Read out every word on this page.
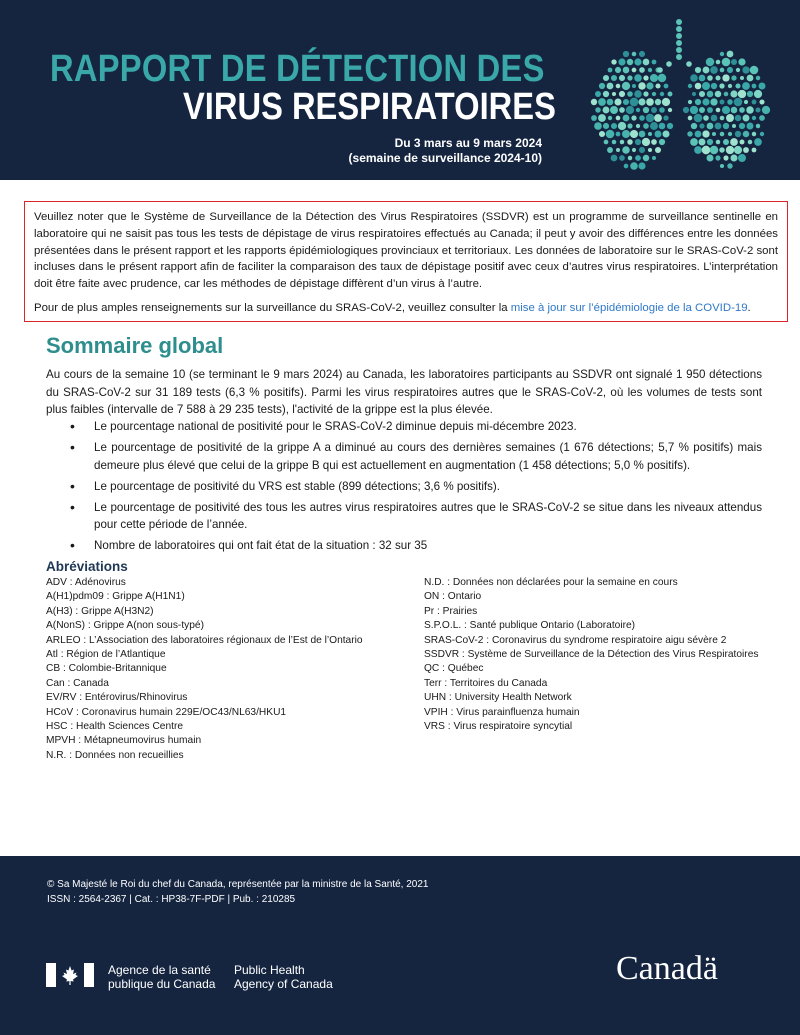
RAPPORT DE DÉTECTION DES
VIRUS RESPIRATOIRES
Du 3 mars au 9 mars 2024
(semaine de surveillance 2024-10)

Veuillez noter que le Système de Surveillance de la Détection des Virus Respiratoires (SSDVR) est un programme de surveillance sentinelle en laboratoire qui ne saisit pas tous les tests de dépistage de virus respiratoires effectués au Canada; il peut y avoir des différences entre les données présentées dans le présent rapport et les rapports épidémiologiques provinciaux et territoriaux. Les données de laboratoire sur le SRAS-CoV-2 sont incluses dans le présent rapport afin de faciliter la comparaison des taux de dépistage positif avec ceux d’autres virus respiratoires. L’interprétation doit être faite avec prudence, car les méthodes de dépistage diffèrent d’un virus à l’autre.

Pour de plus amples renseignements sur la surveillance du SRAS-CoV-2, veuillez consulter la mise à jour sur l’épidémiologie de la COVID-19.

Sommaire global

Au cours de la semaine 10 (se terminant le 9 mars 2024) au Canada, les laboratoires participants au SSDVR ont signalé 1 950 détections du SRAS-CoV-2 sur 31 189 tests (6,3 % positifs). Parmi les virus respiratoires autres que le SRAS-CoV-2, où les volumes de tests sont plus faibles (intervalle de 7 588 à 29 235 tests), l'activité de la grippe est la plus élevée.

• Le pourcentage national de positivité pour le SRAS-CoV-2 diminue depuis mi-décembre 2023.
• Le pourcentage de positivité de la grippe A a diminué au cours des dernières semaines (1 676 détections; 5,7 % positifs) mais demeure plus élevé que celui de la grippe B qui est actuellement en augmentation (1 458 détections; 5,0 % positifs).
• Le pourcentage de positivité du VRS est stable (899 détections; 3,6 % positifs).
• Le pourcentage de positivité des tous les autres virus respiratoires autres que le SRAS-CoV-2 se situe dans les niveaux attendus pour cette période de l’année.
• Nombre de laboratoires qui ont fait état de la situation : 32 sur 35
Abréviations
ADV : Adénovirus
A(H1)pdm09 : Grippe A(H1N1)
A(H3) : Grippe A(H3N2)
A(NonS) : Grippe A(non sous-typé)
ARLEO : L’Association des laboratoires régionaux de l’Est de l’Ontario
Atl : Région de l’Atlantique
CB : Colombie-Britannique
Can : Canada
EV/RV : Entérovirus/Rhinovirus
HCoV : Coronavirus humain 229E/OC43/NL63/HKU1
HSC : Health Sciences Centre
MPVH : Métapneumovirus humain
N.R. : Données non recueillies
N.D. : Données non déclarées pour la semaine en cours
ON : Ontario
Pr : Prairies
S.P.O.L. : Santé publique Ontario (Laboratoire)
SRAS-CoV-2 : Coronavirus du syndrome respiratoire aigu sévère 2
SSDVR : Système de Surveillance de la Détection des Virus Respiratoires
QC : Québec
Terr : Territoires du Canada
UHN : University Health Network
VPIH : Virus parainfluenza humain
VRS : Virus respiratoire syncytial
© Sa Majesté le Roi du chef du Canada, représentée par la ministre de la Santé, 2021
ISSN : 2564-2367 | Cat. : HP38-7F-PDF | Pub. : 210285
Agence de la santé
publique du Canada
Public Health
Agency of Canada	Canadä
